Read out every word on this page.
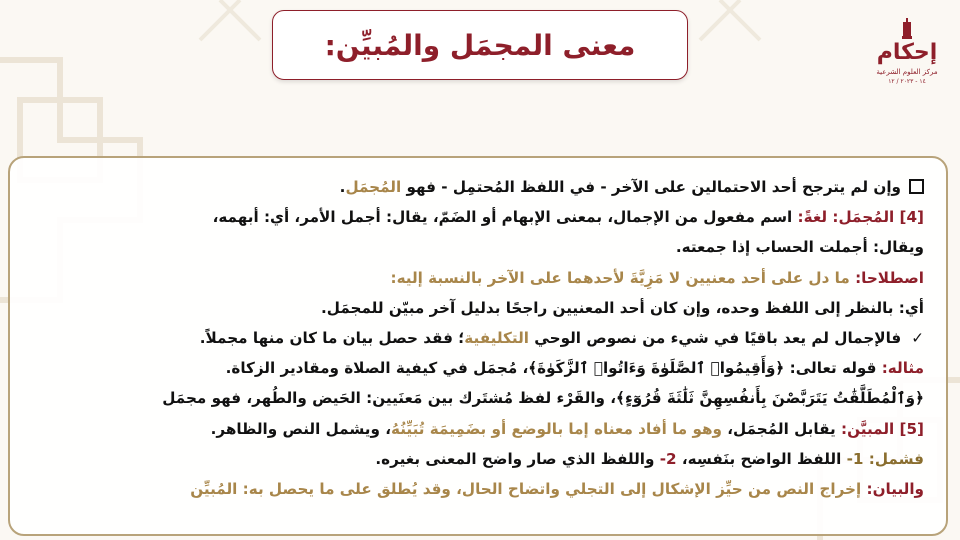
معنى المجمَل والمُبيِّن:	إحكام
مركز العلوم الشرعية
١٤ - ٢٠٢٣ / ١٢
وإن لم يترجح أحد الاحتمالين على الآخر - في اللفظ المُحتمِل - فهو المُجمَل.
[4] المُجمَل: لغةً: اسم مفعول من الإجمال، بمعنى الإبهام أو الضَمّ، يقال: أجمل الأمر، أي: أبهمه،
ويقال: أجملت الحساب إذا جمعته.
اصطلاحا: ما دل على أحد معنيين لا مَزِيَّةَ لأحدهما على الآخر بالنسبة إليه:
أي: بالنظر إلى اللفظ وحده، وإن كان أحد المعنيين راجحًا بدليل آخر مبيّن للمجمَل.
✓فالإجمال لم يعد باقيًا في شيء من نصوص الوحي التكليفية؛ فقد حصل بيان ما كان منها مجملاً.
مثاله: قوله تعالى: ﴿وَأَقِيمُوا۟ ٱلصَّلَوٰةَ وَءَاتُوا۟ ٱلزَّكَوٰةَ﴾، مُجمَل في كيفية الصلاة ومقادير الزكاة.
﴿وَٱلْمُطَلَّقَٰتُ يَتَرَبَّصْنَ بِأَنفُسِهِنَّ ثَلَٰثَةَ قُرُوٓءٍ﴾، والقَرْء لفظ مُشتَرك بين مَعنَيين: الحَيض والطُهر، فهو مجمَل
[5] المبيَّن: يقابل المُجمَل، وهو ما أفاد معناه إما بالوضع أو بضَمِيمَة تُبَيِّنُهُ، ويشمل النص والظاهر.
فشمل: 1- اللفظ الواضح بنَفسِه، 2- واللفظ الذي صار واضح المعنى بغيره.
والبيان: إخراج النص من حيِّز الإشكال إلى التجلي واتضاح الحال، وقد يُطلق على ما يحصل به: المُبيِّن
